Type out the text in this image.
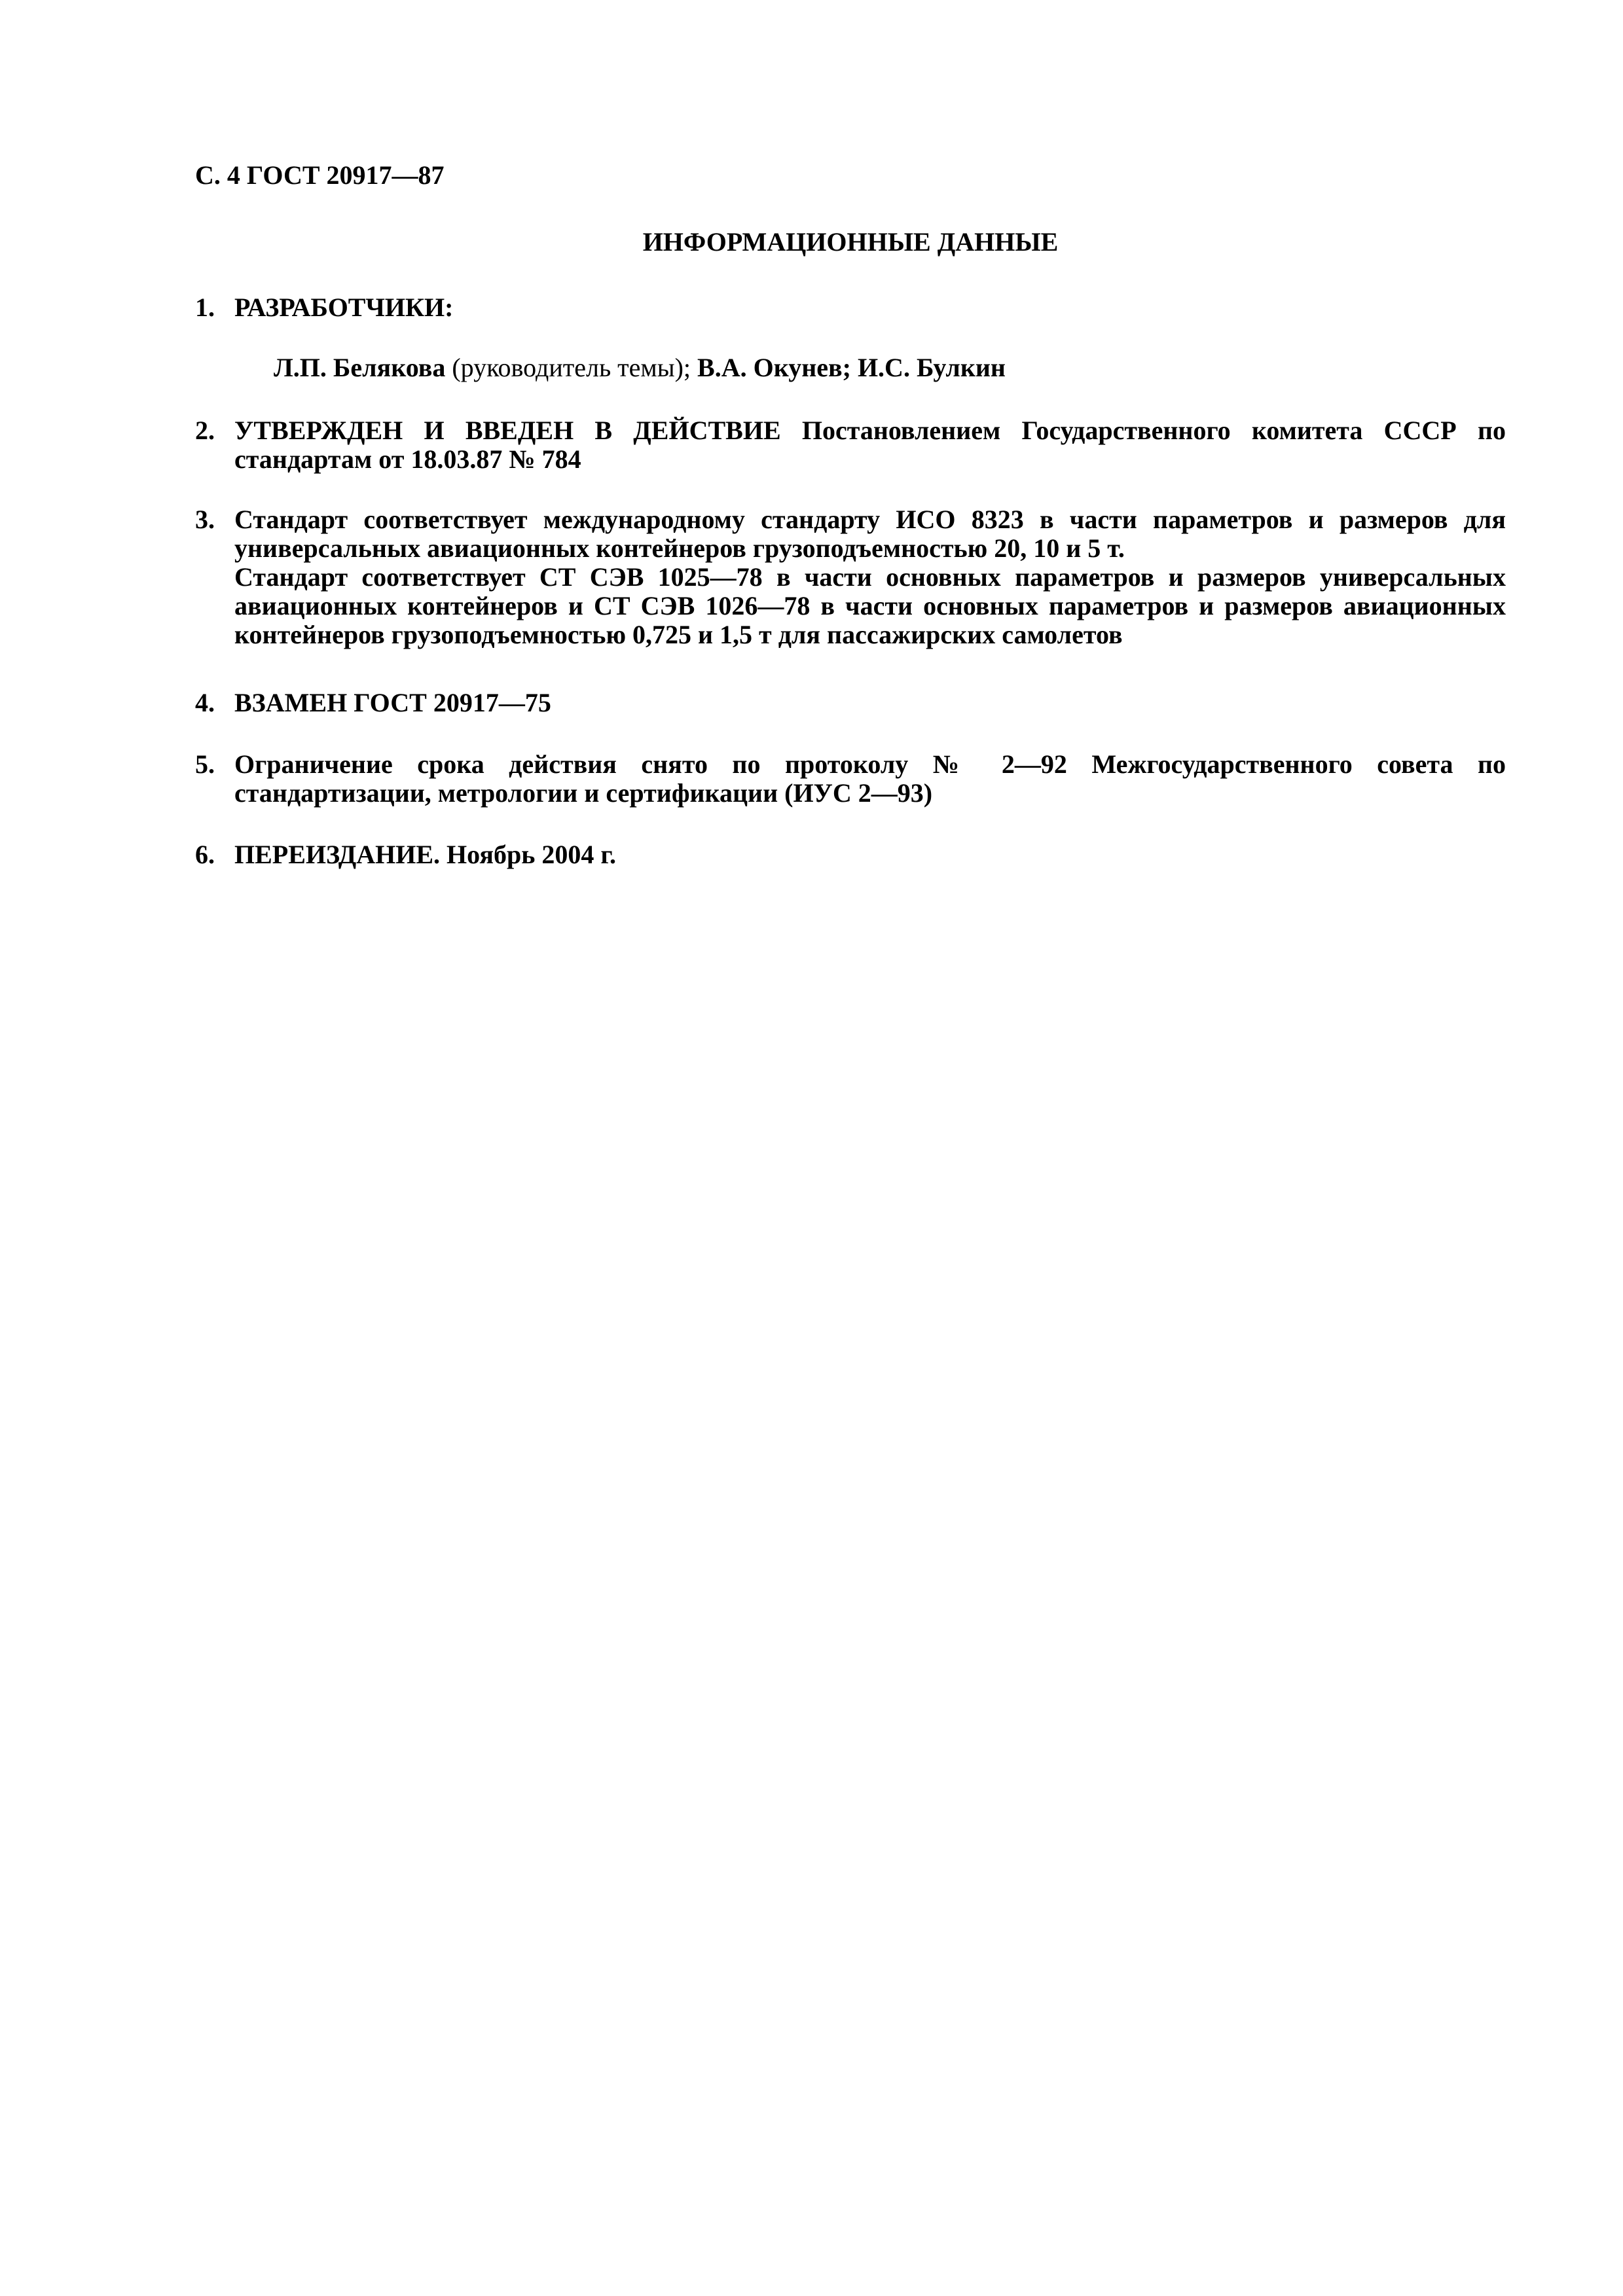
С. 4 ГОСТ 20917—87
ИНФОРМАЦИОННЫЕ ДАННЫЕ
1. РАЗРАБОТЧИКИ:
Л.П. Белякова (руководитель темы); В.А. Окунев; И.С. Булкин
2. УТВЕРЖДЕН И ВВЕДЕН В ДЕЙСТВИЕ Постановлением Государственного комитета СССР по стандартам от 18.03.87 № 784
3. Стандарт соответствует международному стандарту ИСО 8323 в части параметров и размеров для универсальных авиационных контейнеров грузоподъемностью 20, 10 и 5 т.

Стандарт соответствует СТ СЭВ 1025—78 в части основных параметров и размеров универсальных авиационных контейнеров и СТ СЭВ 1026—78 в части основных параметров и размеров авиационных контейнеров грузоподъемностью 0,725 и 1,5 т для пассажирских самолетов

4. ВЗАМЕН ГОСТ 20917—75
5. Ограничение срока действия снято по протоколу № 2—92 Межгосударственного совета по стандартизации, метрологии и сертификации (ИУС 2—93)
6. ПЕРЕИЗДАНИЕ. Ноябрь 2004 г.
